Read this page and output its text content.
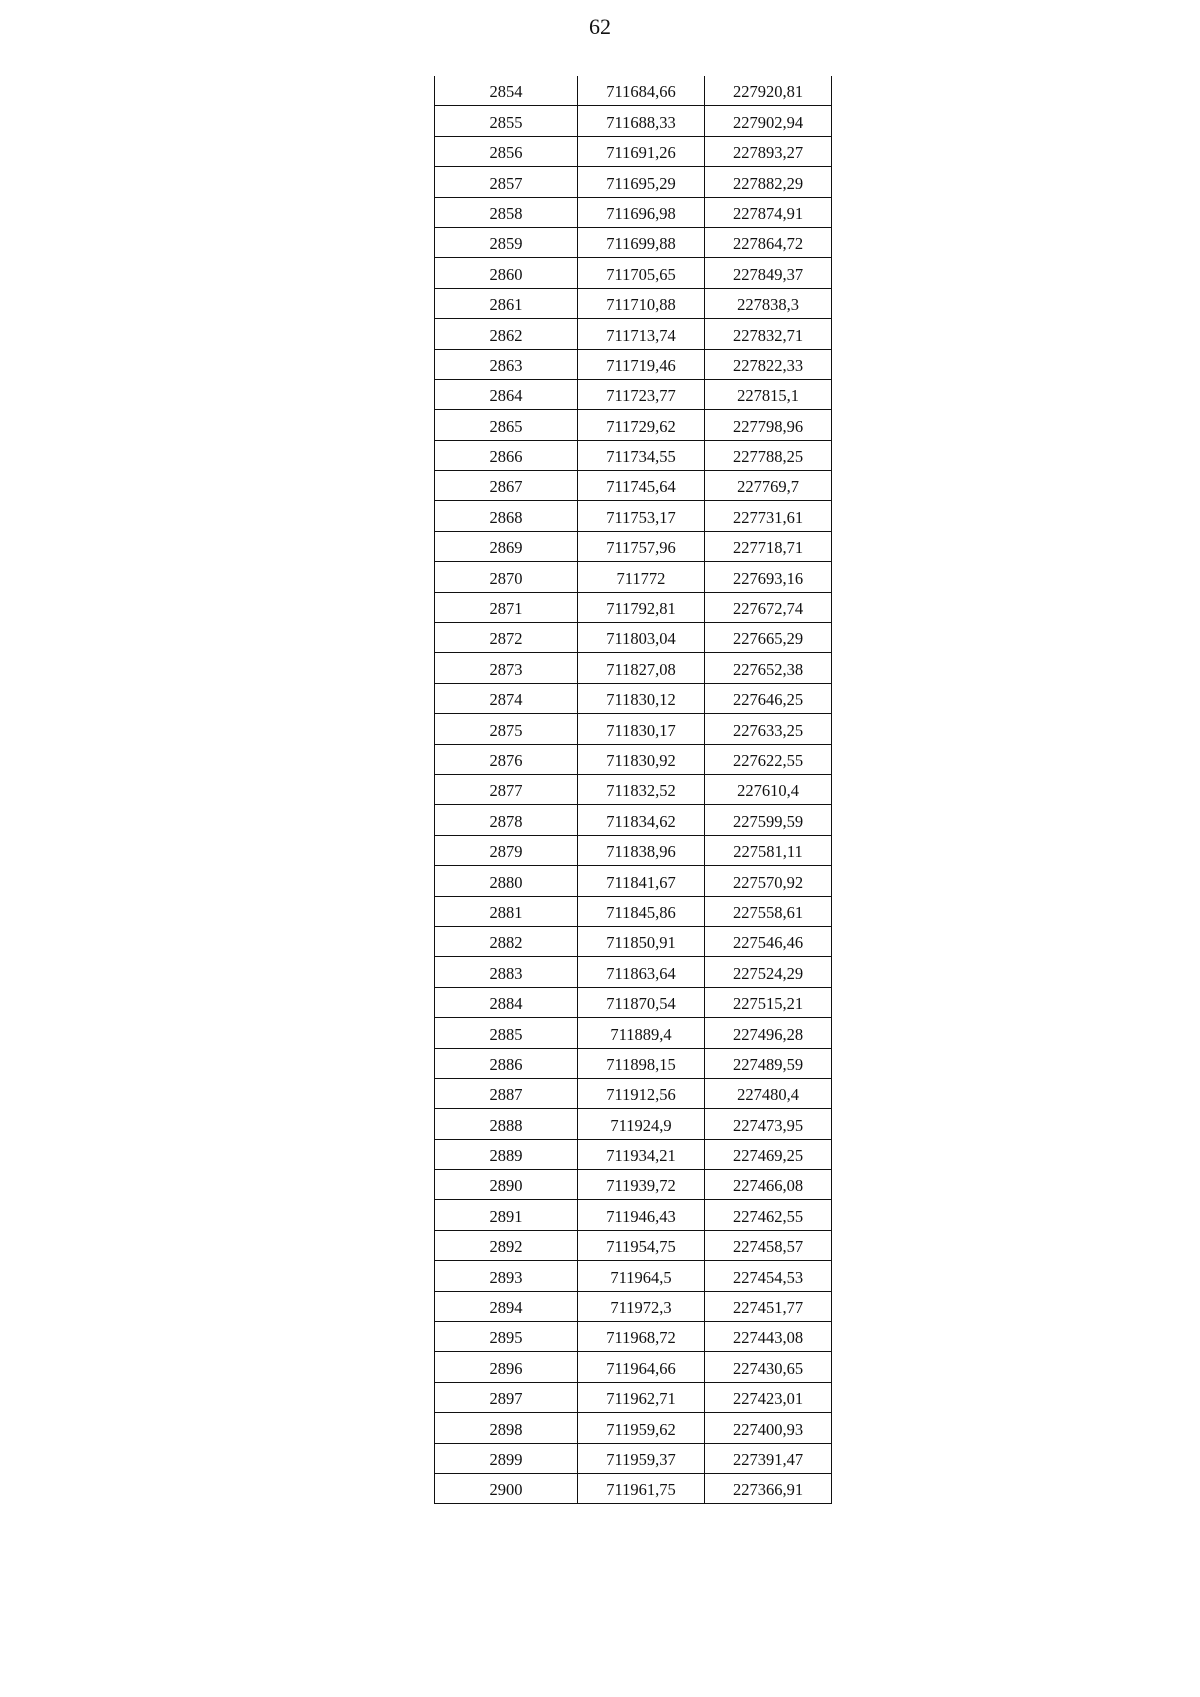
62
2854	711684,66	227920,81
2855	711688,33	227902,94
2856	711691,26	227893,27
2857	711695,29	227882,29
2858	711696,98	227874,91
2859	711699,88	227864,72
2860	711705,65	227849,37
2861	711710,88	227838,3
2862	711713,74	227832,71
2863	711719,46	227822,33
2864	711723,77	227815,1
2865	711729,62	227798,96
2866	711734,55	227788,25
2867	711745,64	227769,7
2868	711753,17	227731,61
2869	711757,96	227718,71
2870	711772	227693,16
2871	711792,81	227672,74
2872	711803,04	227665,29
2873	711827,08	227652,38
2874	711830,12	227646,25
2875	711830,17	227633,25
2876	711830,92	227622,55
2877	711832,52	227610,4
2878	711834,62	227599,59
2879	711838,96	227581,11
2880	711841,67	227570,92
2881	711845,86	227558,61
2882	711850,91	227546,46
2883	711863,64	227524,29
2884	711870,54	227515,21
2885	711889,4	227496,28
2886	711898,15	227489,59
2887	711912,56	227480,4
2888	711924,9	227473,95
2889	711934,21	227469,25
2890	711939,72	227466,08
2891	711946,43	227462,55
2892	711954,75	227458,57
2893	711964,5	227454,53
2894	711972,3	227451,77
2895	711968,72	227443,08
2896	711964,66	227430,65
2897	711962,71	227423,01
2898	711959,62	227400,93
2899	711959,37	227391,47
2900	711961,75	227366,91
